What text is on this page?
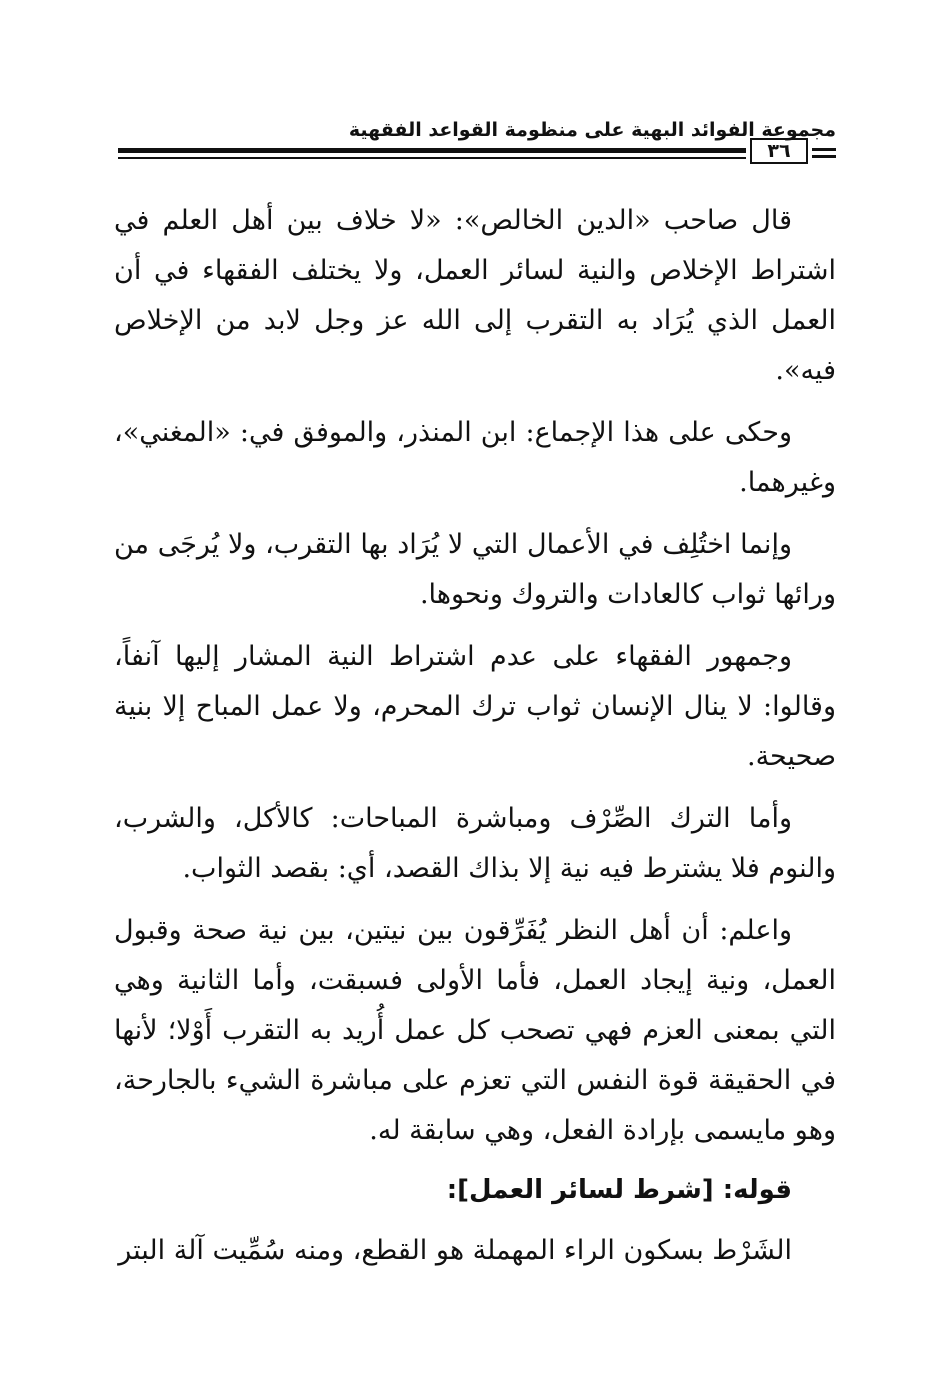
مجموعة الفوائد البهية على منظومة القواعد الفقهية
٣٦

قال صاحب «الدين الخالص»: «لا خلاف بين أهل العلم في اشتراط الإخلاص والنية لسائر العمل، ولا يختلف الفقهاء في أن العمل الذي يُرَاد به التقرب إلى الله عز وجل لابد من الإخلاص فيه».

وحكى على هذا الإجماع: ابن المنذر، والموفق في: «المغني»، وغيرهما.

وإنما اختُلِف في الأعمال التي لا يُرَاد بها التقرب، ولا يُرجَى من ورائها ثواب كالعادات والتروك ونحوها.

وجمهور الفقهاء على عدم اشتراط النية المشار إليها آنفاً، وقالوا: لا ينال الإنسان ثواب ترك المحرم، ولا عمل المباح إلا بنية صحيحة.

وأما الترك الصِّرْف ومباشرة المباحات: كالأكل، والشرب، والنوم فلا يشترط فيه نية إلا بذاك القصد، أي: بقصد الثواب.

واعلم: أن أهل النظر يُفَرِّقون بين نيتين، بين نية صحة وقبول العمل، ونية إيجاد العمل، فأما الأولى فسبقت، وأما الثانية وهي التي بمعنى العزم فهي تصحب كل عمل أُريد به التقرب أَوْلا؛ لأنها في الحقيقة قوة النفس التي تعزم على مباشرة الشيء بالجارحة، وهو مايسمى بإرادة الفعل، وهي سابقة له.

قوله: [شرط لسائر العمل]:

الشَرْط بسكون الراء المهملة هو القطع، ومنه سُمِّيت آلة البتر
